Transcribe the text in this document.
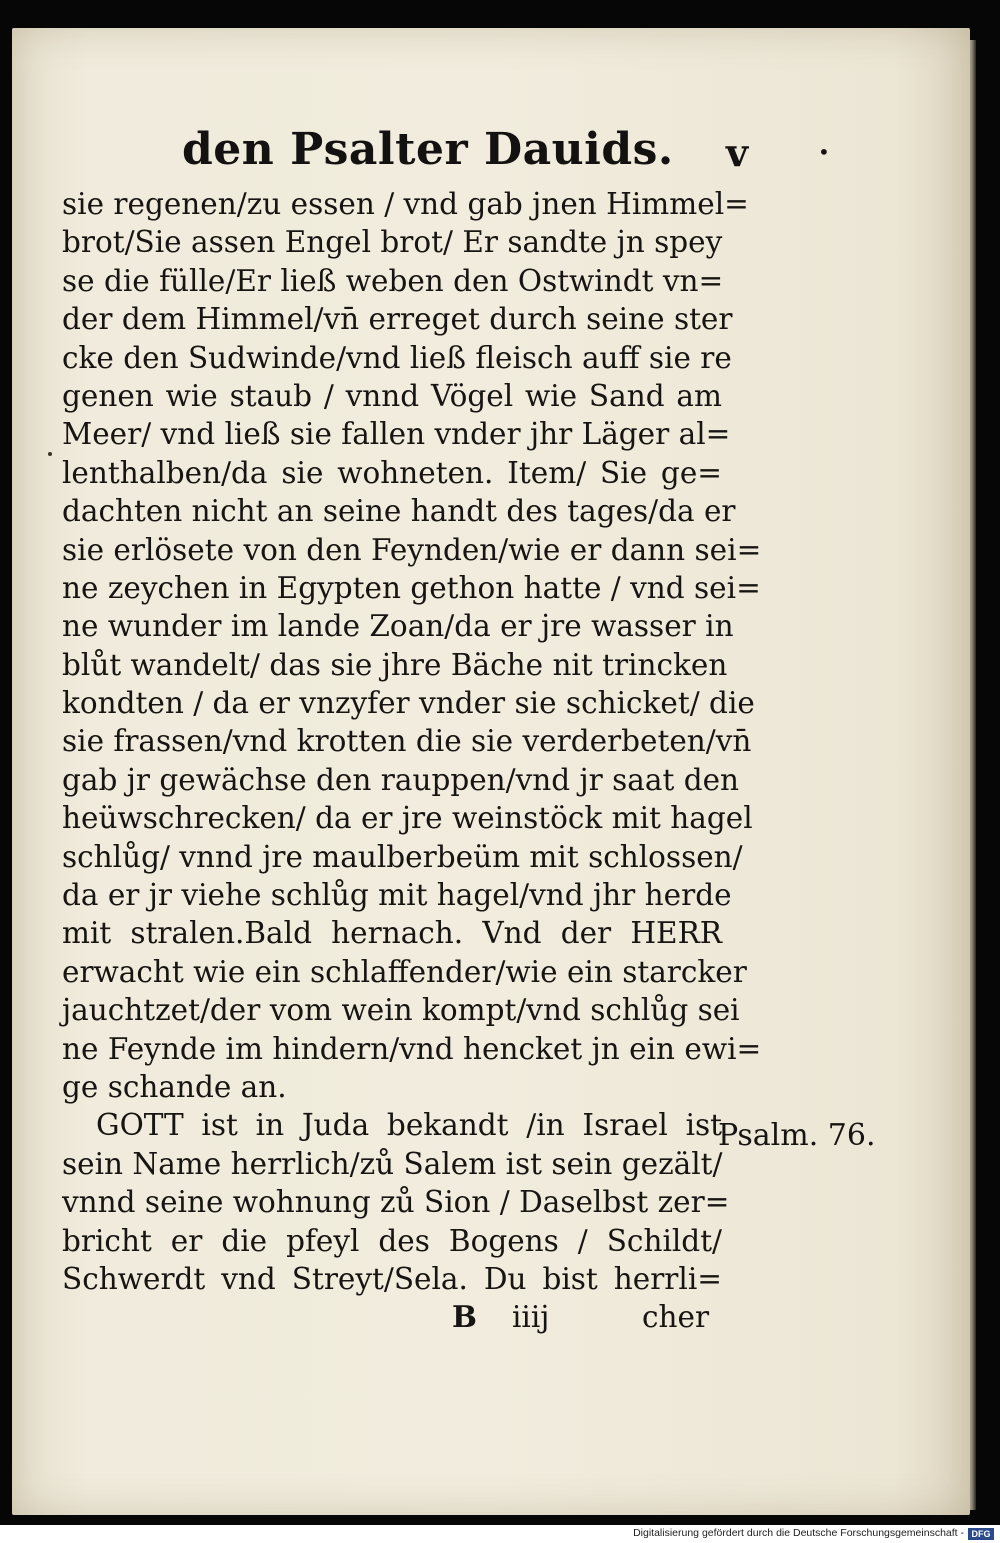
den Psalter Dauids. v	•
sie regenen/zu essen / vnd gab jnen Himmel=
brot/Sie assen Engel brot/ Er sandte jn spey
se die fülle/Er ließ weben den Ostwindt vn=
der dem Himmel/vn̄ erreget durch seine ster
cke den Sudwinde/vnd ließ fleisch auff sie re
genen wie staub / vnnd Vögel wie Sand am
Meer/ vnd ließ sie fallen vnder jhr Läger al=
lenthalben/da sie wohneten. Item/ Sie ge=
dachten nicht an seine handt des tages/da er
sie erlösete von den Feynden/wie er dann sei=
ne zeychen in Egypten gethon hatte / vnd sei=
ne wunder im lande Zoan/da er jre wasser in
blůt wandelt/ das sie jhre Bäche nit trincken
kondten / da er vnzyfer vnder sie schicket/ die
sie frassen/vnd krotten die sie verderbeten/vn̄
gab jr gewächse den rauppen/vnd jr saat den
heüwschrecken/ da er jre weinstöck mit hagel
schlůg/ vnnd jre maulberbeüm mit schlossen/
da er jr viehe schlůg mit hagel/vnd jhr herde
mit stralen.Bald hernach. Vnd der HERR
erwacht wie ein schlaffender/wie ein starcker
jauchtzet/der vom wein kompt/vnd schlůg sei
ne Feynde im hindern/vnd hencket jn ein ewi=
ge schande an.
GOTT ist in Juda bekandt /in Israel ist
sein Name herrlich/zů Salem ist sein gezält/
vnnd seine wohnung zů Sion / Daselbst zer=
bricht er die pfeyl des Bogens / Schildt/
Schwerdt vnd Streyt/Sela. Du bist herrli=
B iiij	cher
Psalm. 76.
Digitalisierung gefördert durch die Deutsche Forschungsgemeinschaft - DFG
